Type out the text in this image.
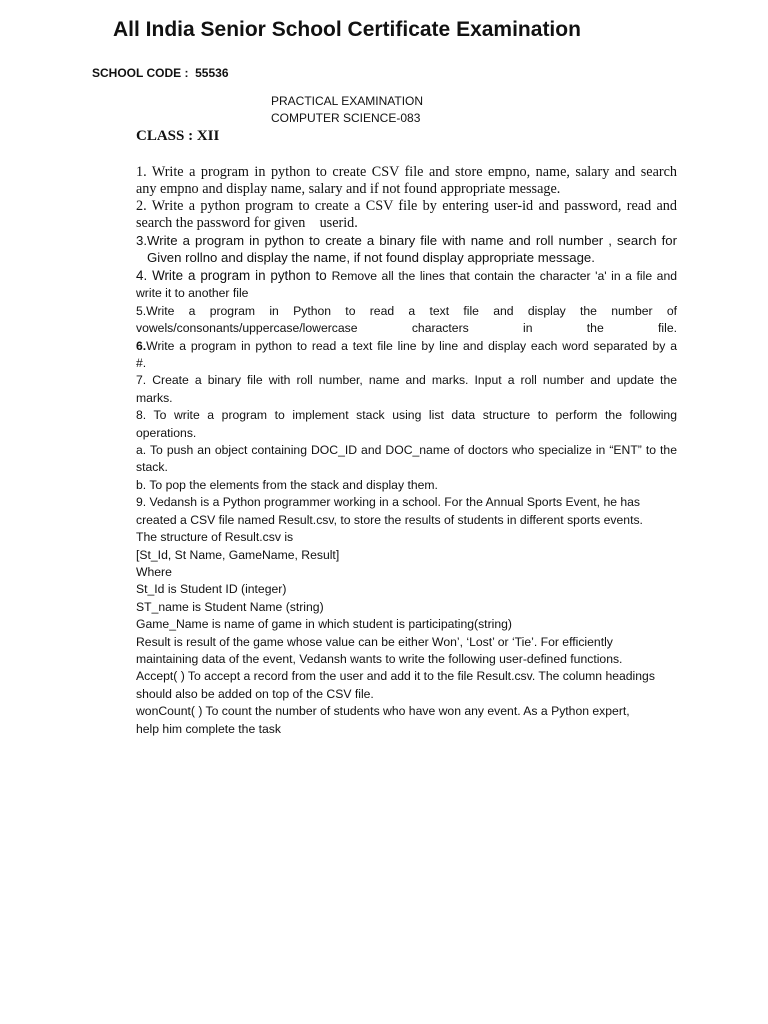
All India Senior School Certificate Examination
SCHOOL CODE : 55536
PRACTICAL EXAMINATION
COMPUTER SCIENCE-083
CLASS : XII
1. Write a program in python to create CSV file and store empno, name, salary and search
any empno and display name, salary and if not found appropriate message.
2. Write a python program to create a CSV file by entering user-id and password, read and
search the password for given    userid.
3.Write a program in python to create a binary file with name and roll number , search for
Given rollno and display the name, if not found display appropriate message.
4. Write a program in python to Remove all the lines that contain the character 'a' in a file and
write it to another file
5.Write a program in Python to read a text file and display the number of
vowels/consonants/uppercase/lowercase characters in the file.
6.Write a program in python to read a text file line by line and display each word separated by a
#.
7. Create a binary file with roll number, name and marks. Input a roll number and update the
marks.
8. To write a program to implement stack using list data structure to perform the following
operations.
a. To push an object containing DOC_ID and DOC_name of doctors who specialize in “ENT” to the
stack.
b. To pop the elements from the stack and display them.
9. Vedansh is a Python programmer working in a school. For the Annual Sports Event, he has
created a CSV file named Result.csv, to store the results of students in different sports events.
The structure of Result.csv is
[St_Id, St Name, GameName, Result]
Where
St_Id is Student ID (integer)
ST_name is Student Name (string)
Game_Name is name of game in which student is participating(string)
Result is result of the game whose value can be either Won’, ‘Lost’ or ‘Tie’. For efficiently
maintaining data of the event, Vedansh wants to write the following user-defined functions.
Accept( ) To accept a record from the user and add it to the file Result.csv. The column headings
should also be added on top of the CSV file.
wonCount( ) To count the number of students who have won any event. As a Python expert,
help him complete the task
